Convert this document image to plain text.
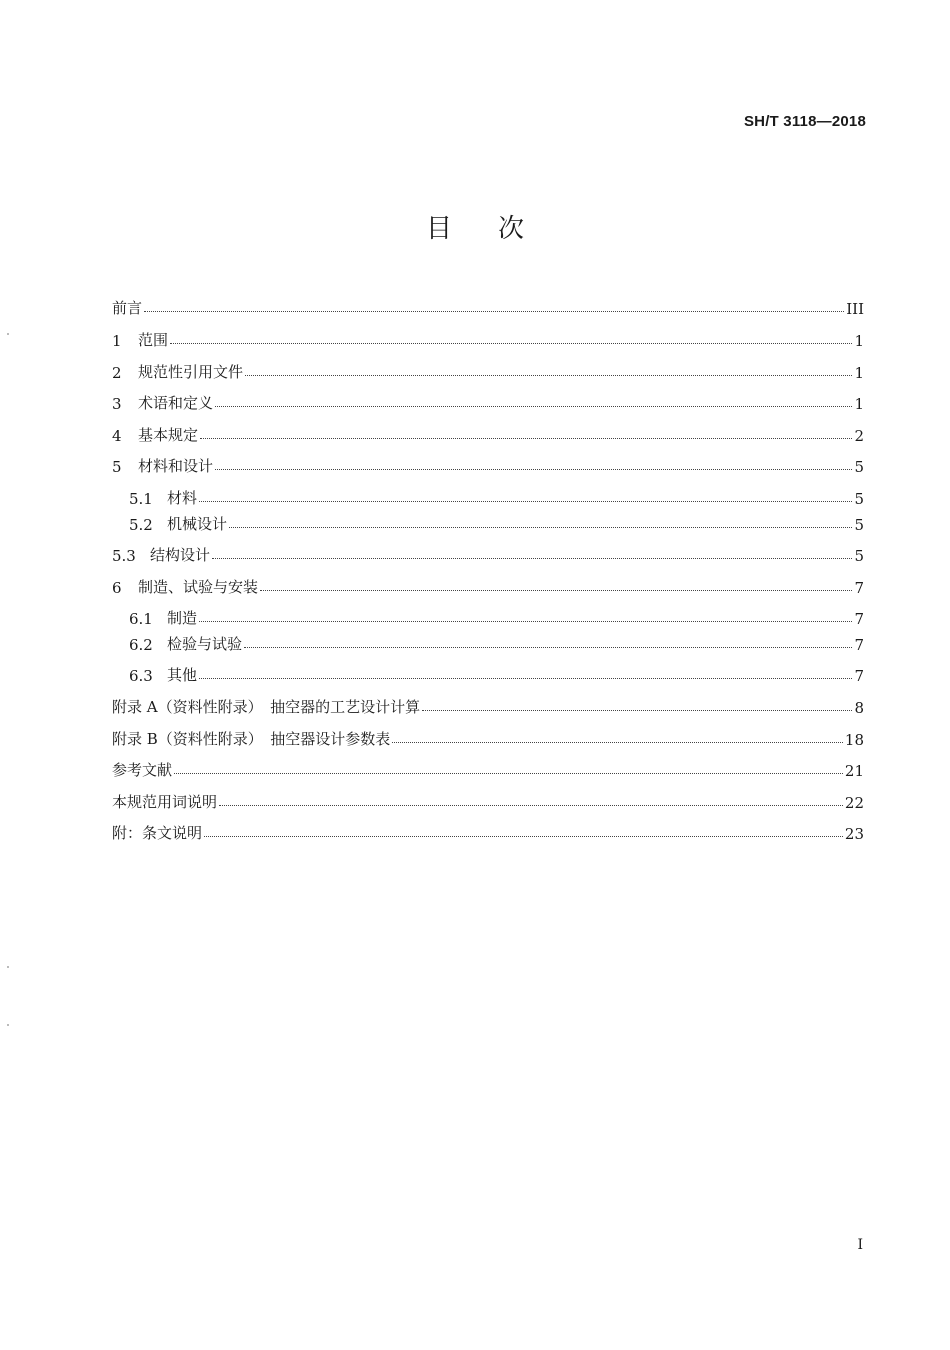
SH/T 3118—2018
目次
前言	III
1	范围	1
2	规范性引用文件	1
3	术语和定义	1
4	基本规定	2
5	材料和设计	5
5.1 材料	5
5.2 机械设计	5
5.3 结构设计	5
6	制造、试验与安装	7
6.1 制造	7
6.2 检验与试验	7
6.3 其他	7
附录 A（资料性附录）　抽空器的工艺设计计算	8
附录 B（资料性附录）　抽空器设计参数表	18
参考文献	21
本规范用词说明	22
附：条文说明	23
I
